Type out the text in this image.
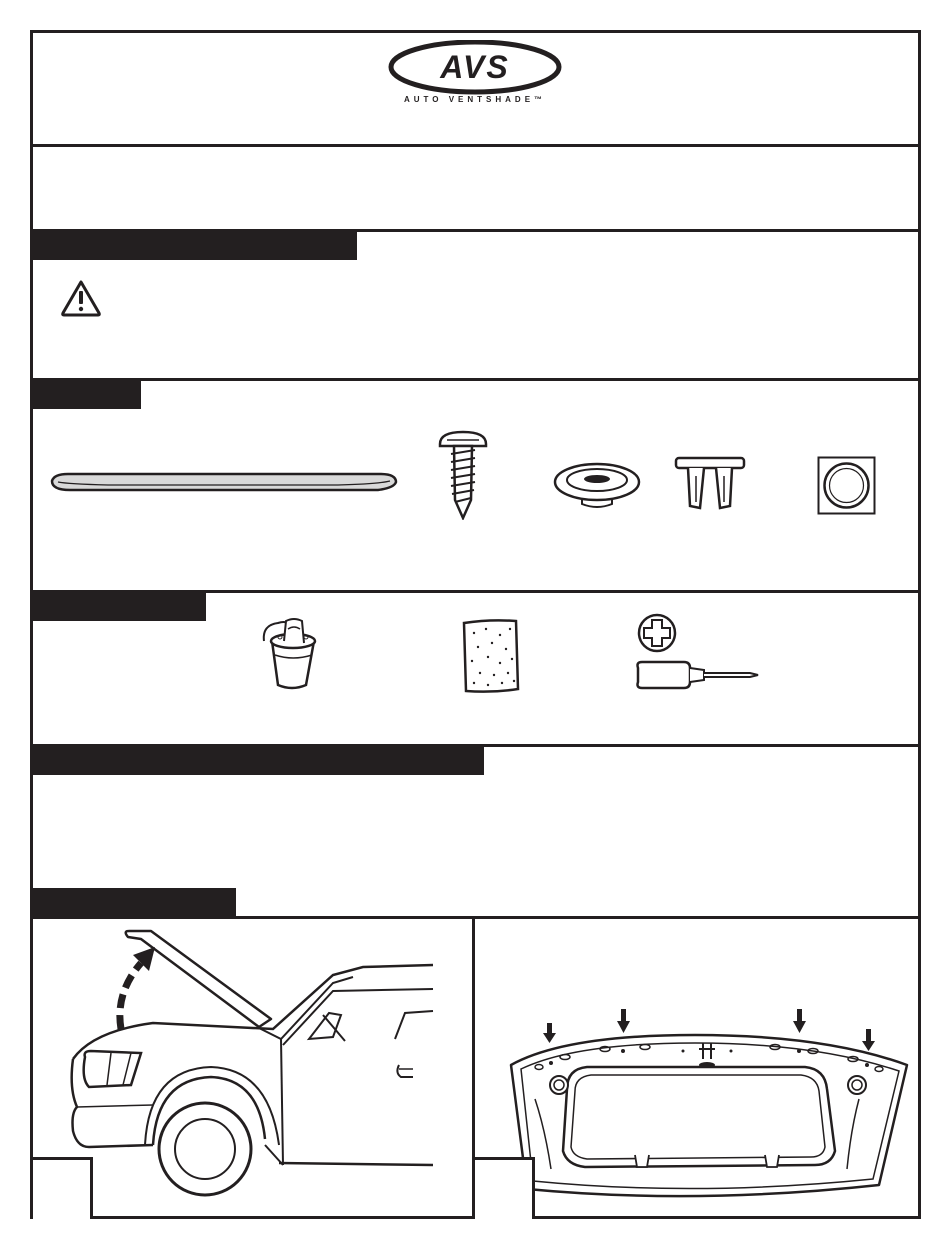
AVS
AUTO VENTSHADE™
